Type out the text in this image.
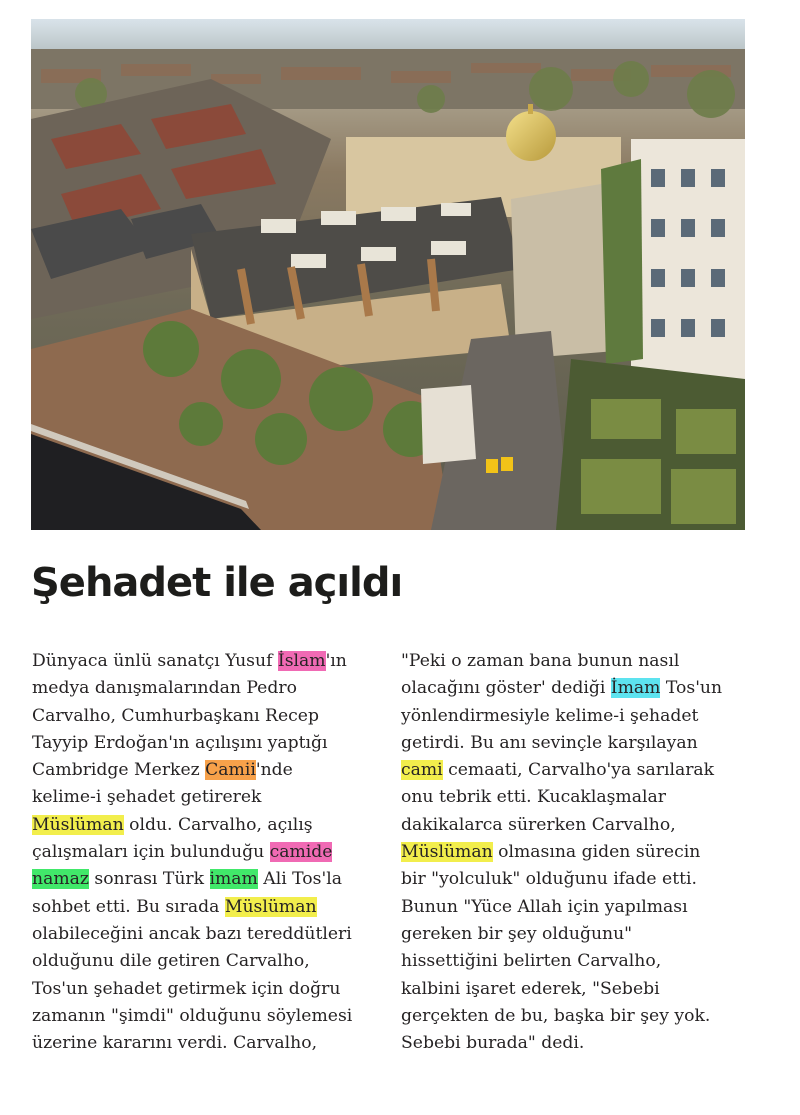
Şehadet ile açıldı
Dünyaca ünlü sanatçı Yusuf İslam'ın
medya danışmalarından Pedro
Carvalho, Cumhurbaşkanı Recep
Tayyip Erdoğan'ın açılışını yaptığı
Cambridge Merkez Camii'nde
kelime-i şehadet getirerek
Müslüman oldu. Carvalho, açılış
çalışmaları için bulunduğu camide
namaz sonrası Türk imam Ali Tos'la
sohbet etti. Bu sırada Müslüman
olabileceğini ancak bazı tereddütleri
olduğunu dile getiren Carvalho,
Tos'un şehadet getirmek için doğru
zamanın "şimdi" olduğunu söylemesi
üzerine kararını verdi. Carvalho,
"Peki o zaman bana bunun nasıl
olacağını göster' dediği İmam Tos'un
yönlendirmesiyle kelime-i şehadet
getirdi. Bu anı sevinçle karşılayan
cami cemaati, Carvalho'ya sarılarak
onu tebrik etti. Kucaklaşmalar
dakikalarca sürerken Carvalho,
Müslüman olmasına giden sürecin
bir "yolculuk" olduğunu ifade etti.
Bunun "Yüce Allah için yapılması
gereken bir şey olduğunu"
hissettiğini belirten Carvalho,
kalbini işaret ederek, "Sebebi
gerçekten de bu, başka bir şey yok.
Sebebi burada" dedi.
